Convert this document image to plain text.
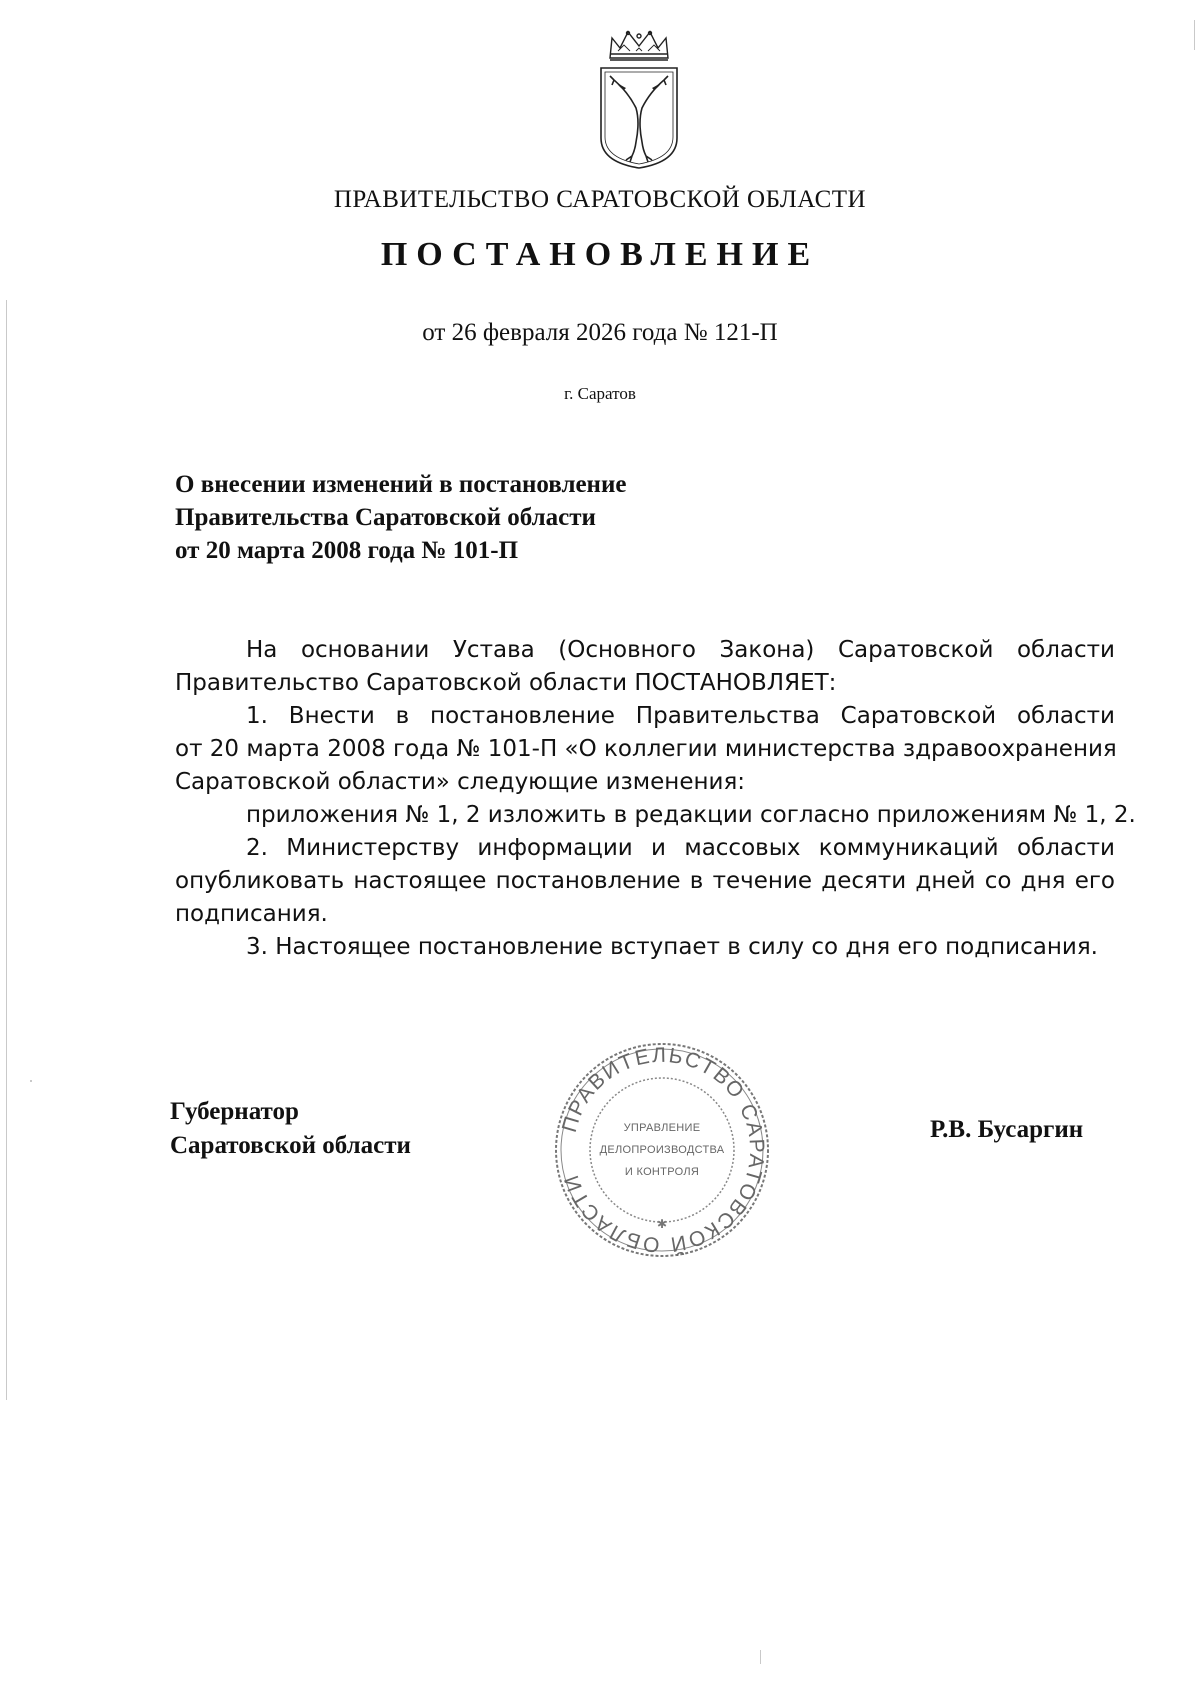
ПРАВИТЕЛЬСТВО САРАТОВСКОЙ ОБЛАСТИ
ПОСТАНОВЛЕНИЕ
от 26 февраля 2026 года № 121-П
г. Саратов
О внесении изменений в постановление
Правительства Саратовской области
от 20 марта 2008 года № 101-П
На основании Устава (Основного Закона) Саратовской области
Правительство Саратовской области ПОСТАНОВЛЯЕТ:
1. Внести в постановление Правительства Саратовской области
от 20 марта 2008 года № 101-П «О коллегии министерства здравоохранения
Саратовской области» следующие изменения:
приложения № 1, 2 изложить в редакции согласно приложениям № 1, 2.
2. Министерству информации и массовых коммуникаций области
опубликовать настоящее постановление в течение десяти дней со дня его
подписания.
3. Настоящее постановление вступает в силу со дня его подписания.
Губернатор
Саратовской области
ПРАВИТЕЛЬСТВО САРАТОВСКОЙ ОБЛАСТИ
✱
УПРАВЛЕНИЕ
ДЕЛОПРОИЗВОДСТВА
И КОНТРОЛЯ
Р.В. Бусаргин
